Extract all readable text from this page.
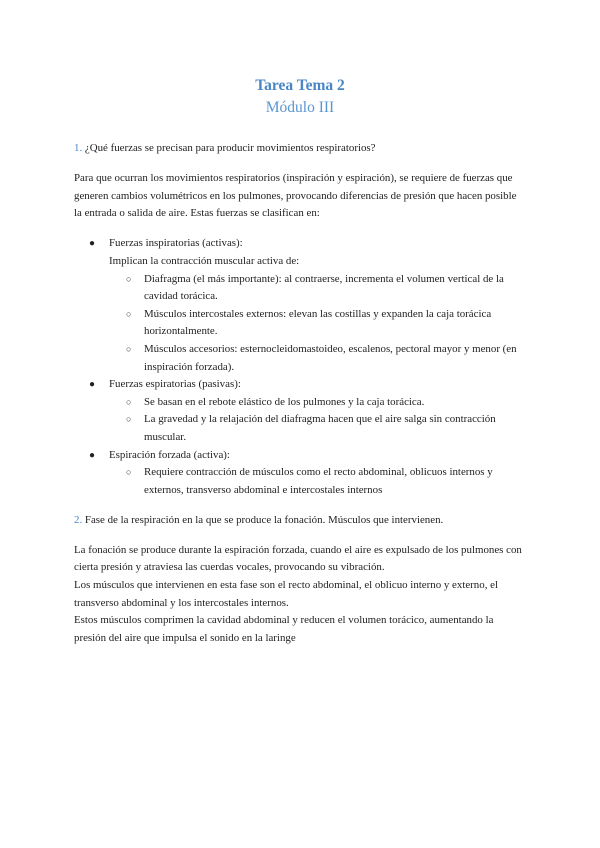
Tarea Tema 2
Módulo III

1. ¿Qué fuerzas se precisan para producir movimientos respiratorios?

Para que ocurran los movimientos respiratorios (inspiración y espiración), se requiere de fuerzas que generen cambios volumétricos en los pulmones, provocando diferencias de presión que hacen posible la entrada o salida de aire. Estas fuerzas se clasifican en:

● Fuerzas inspiratorias (activas):
Implican la contracción muscular activa de:
○ Diafragma (el más importante): al contraerse, incrementa el volumen vertical de la cavidad torácica.
○ Músculos intercostales externos: elevan las costillas y expanden la caja torácica horizontalmente.
○ Músculos accesorios: esternocleidomastoideo, escalenos, pectoral mayor y menor (en inspiración forzada).
● Fuerzas espiratorias (pasivas):
○ Se basan en el rebote elástico de los pulmones y la caja torácica.
○ La gravedad y la relajación del diafragma hacen que el aire salga sin contracción muscular.
● Espiración forzada (activa):
○ Requiere contracción de músculos como el recto abdominal, oblicuos internos y externos, transverso abdominal e intercostales internos

2. Fase de la respiración en la que se produce la fonación. Músculos que intervienen.

La fonación se produce durante la espiración forzada, cuando el aire es expulsado de los pulmones con cierta presión y atraviesa las cuerdas vocales, provocando su vibración.

Los músculos que intervienen en esta fase son el recto abdominal, el oblicuo interno y externo, el transverso abdominal y los intercostales internos.

Estos músculos comprimen la cavidad abdominal y reducen el volumen torácico, aumentando la presión del aire que impulsa el sonido en la laringe
